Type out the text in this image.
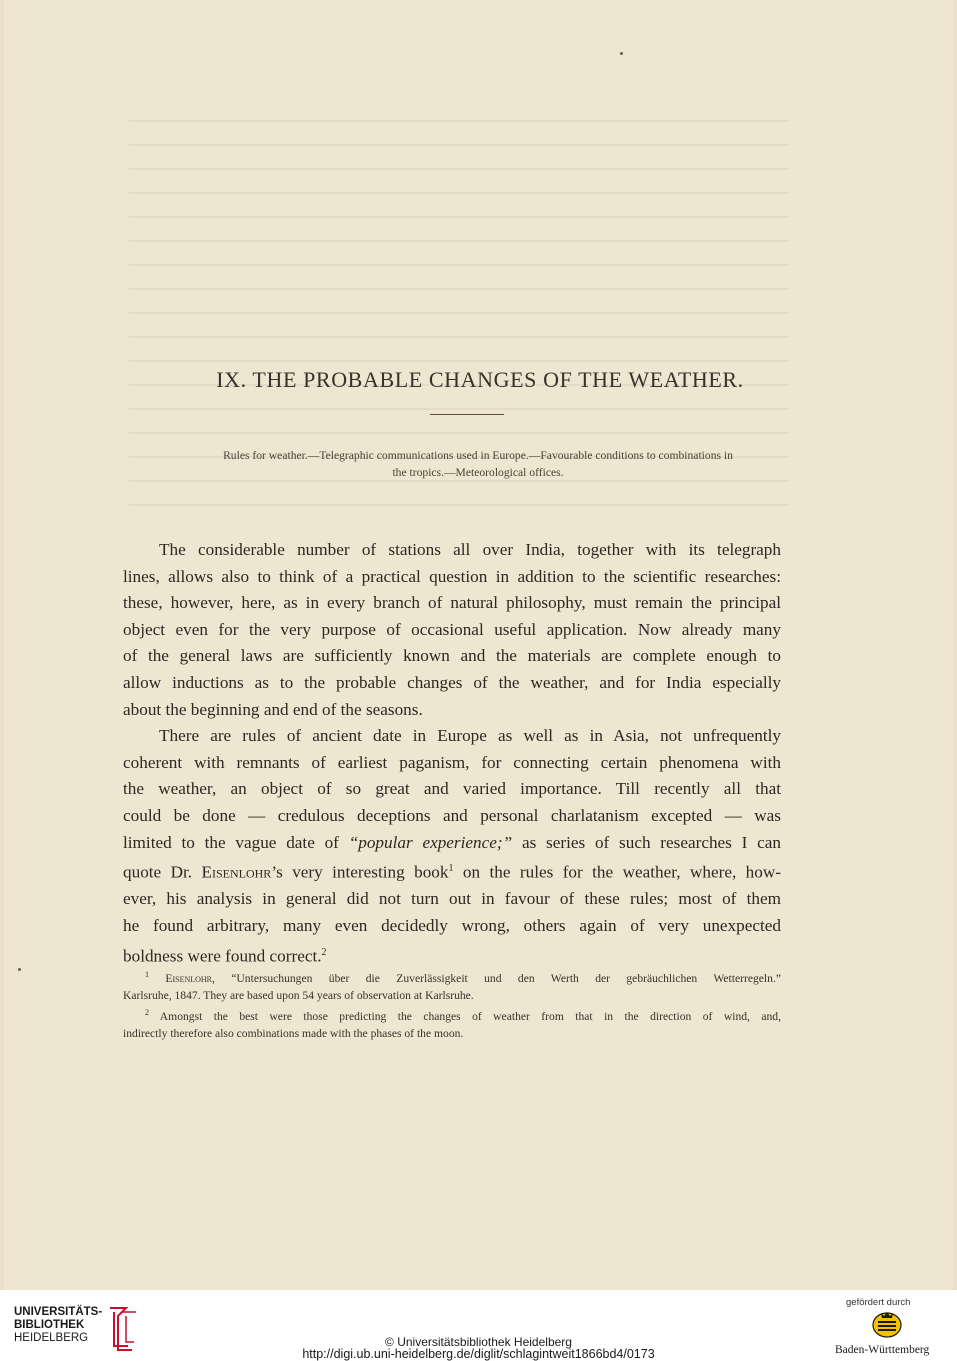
IX. THE PROBABLE CHANGES OF THE WEATHER.

Rules for weather.—Telegraphic communications used in Europe.—Favourable conditions to combinations in
the tropics.—Meteorological offices.

The considerable number of stations all over India, together with its telegraph
lines, allows also to think of a practical question in addition to the scientific researches:
these, however, here, as in every branch of natural philosophy, must remain the principal
object even for the very purpose of occasional useful application. Now already many
of the general laws are sufficiently known and the materials are complete enough to
allow inductions as to the probable changes of the weather, and for India especially
about the beginning and end of the seasons.
There are rules of ancient date in Europe as well as in Asia, not unfrequently
coherent with remnants of earliest paganism, for connecting certain phenomena with
the weather, an object of so great and varied importance. Till recently all that
could be done — credulous deceptions and personal charlatanism excepted — was
limited to the vague date of “popular experience;” as series of such researches I can
quote Dr. Eisenlohr’s very interesting book$^1$ on the rules for the weather, where, how-
ever, his analysis in general did not turn out in favour of these rules; most of them
he found arbitrary, many even decidedly wrong, others again of very unexpected
boldness were found correct.$^2$
$^1$ Eisenlohr, “Untersuchungen über die Zuverlässigkeit und den Werth der gebräuchlichen Wetterregeln.”
Karlsruhe, 1847. They are based upon 54 years of observation at Karlsruhe.
$^2$ Amongst the best were those predicting the changes of weather from that in the direction of wind, and,
indirectly therefore also combinations made with the phases of the moon.
UNIVERSITÄTS-
BIBLIOTHEK
HEIDELBERG	© Universitätsbibliothek Heidelberg
http://digi.ub.uni-heidelberg.de/diglit/schlagintweit1866bd4/0173
gefördert durch
Baden-Württemberg
